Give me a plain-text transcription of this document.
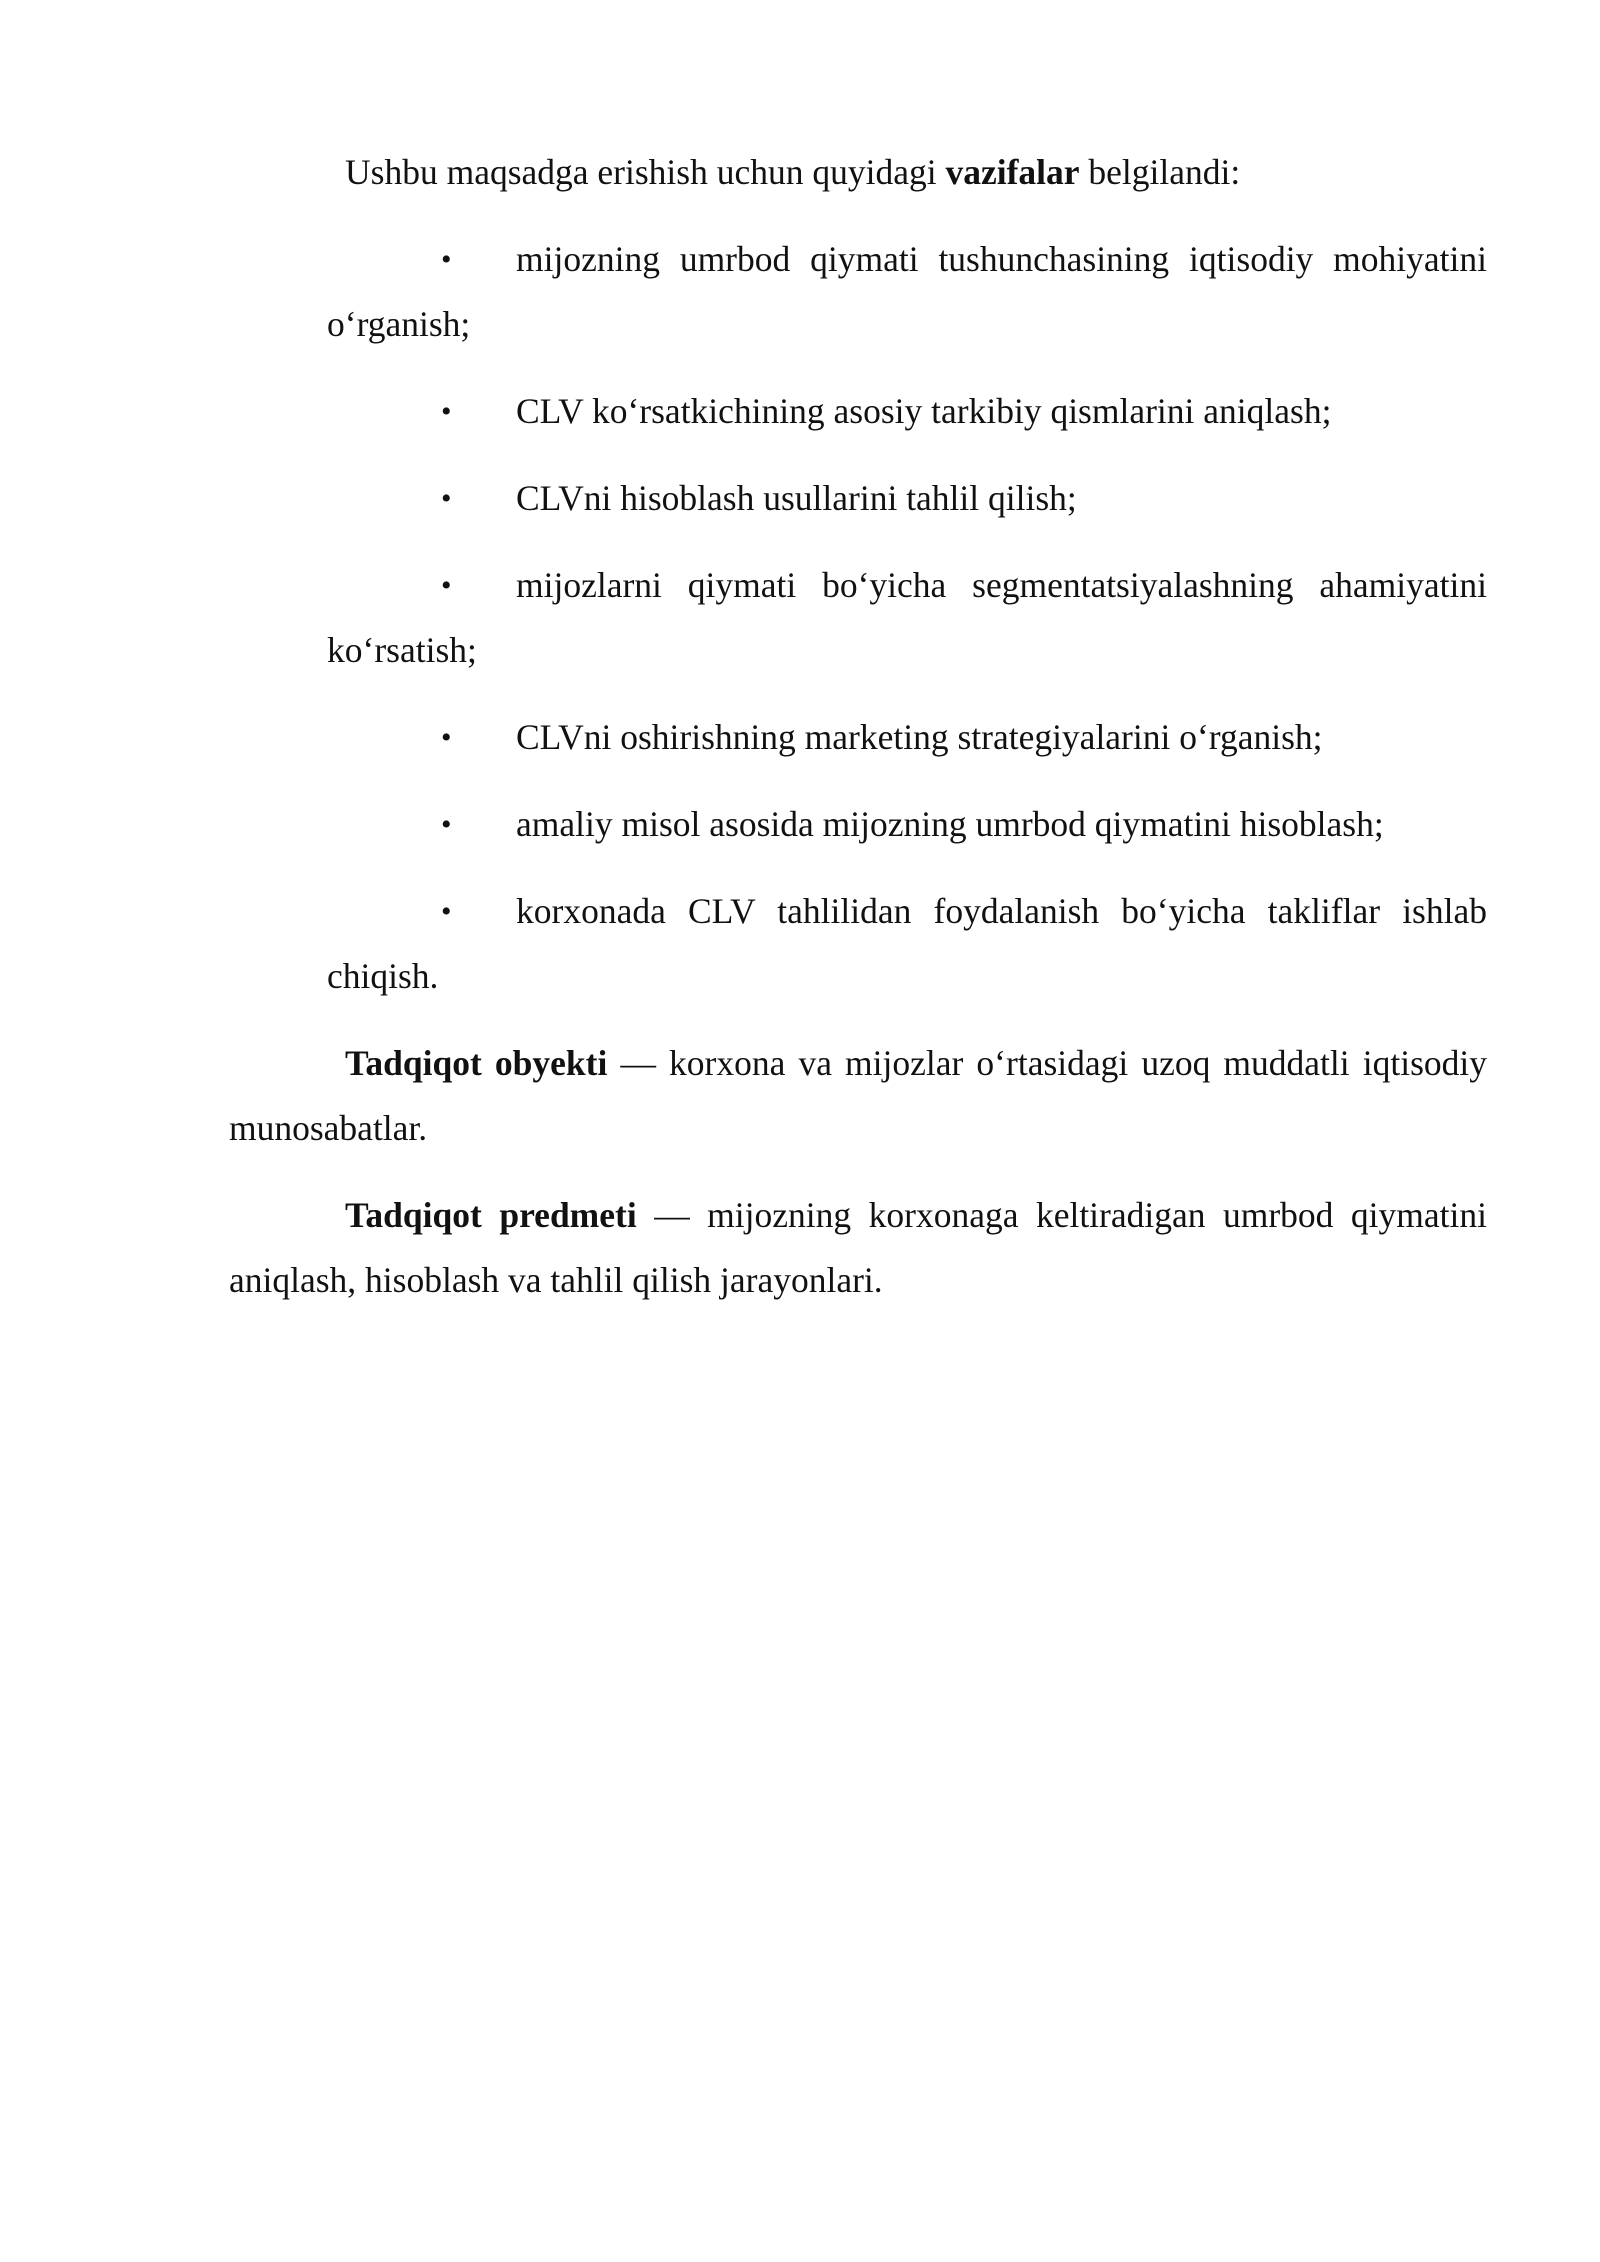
Ushbu maqsadga erishish uchun quyidagi vazifalar belgilandi:

•	mijozning umrbod qiymati tushunchasining iqtisodiy mohiyatini o‘rganish;
•	CLV ko‘rsatkichining asosiy tarkibiy qismlarini aniqlash;
•	CLVni hisoblash usullarini tahlil qilish;
•	mijozlarni qiymati bo‘yicha segmentatsiyalashning ahamiyatini ko‘rsatish;
•	CLVni oshirishning marketing strategiyalarini o‘rganish;
•	amaliy misol asosida mijozning umrbod qiymatini hisoblash;
•	korxonada CLV tahlilidan foydalanish bo‘yicha takliflar ishlab chiqish.

Tadqiqot obyekti — korxona va mijozlar o‘rtasidagi uzoq muddatli iqtisodiy munosabatlar.

Tadqiqot predmeti — mijozning korxonaga keltiradigan umrbod qiymatini aniqlash, hisoblash va tahlil qilish jarayonlari.
